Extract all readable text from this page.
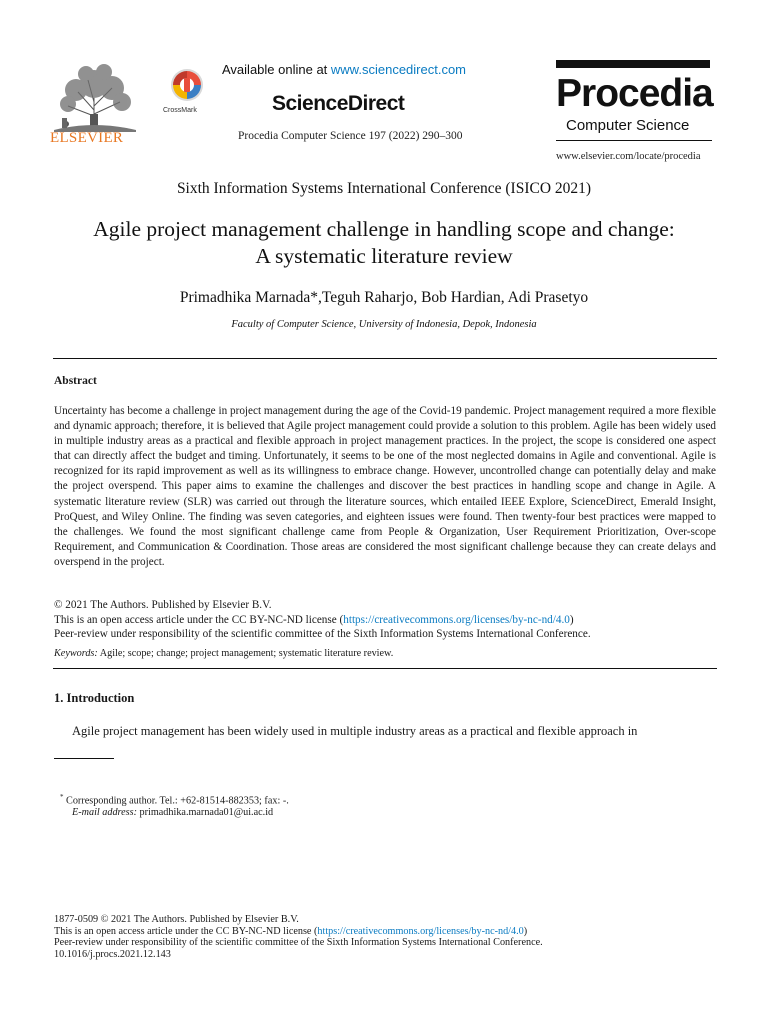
ELSEVIER
CrossMark
Available online at www.sciencedirect.com
ScienceDirect
Procedia Computer Science 197 (2022) 290–300
Procedia
Computer Science
www.elsevier.com/locate/procedia
Sixth Information Systems International Conference (ISICO 2021)
Agile project management challenge in handling scope and change:
A systematic literature review
Primadhika Marnada*,Teguh Raharjo, Bob Hardian, Adi Prasetyo
Faculty of Computer Science, University of Indonesia, Depok, Indonesia
Abstract
Uncertainty has become a challenge in project management during the age of the Covid-19 pandemic. Project management required a more flexible and dynamic approach; therefore, it is believed that Agile project management could provide a solution to this problem. Agile has been widely used in multiple industry areas as a practical and flexible approach in project management practices. In the project, the scope is considered one aspect that can directly affect the budget and timing. Unfortunately, it seems to be one of the most neglected domains in Agile and conventional. Agile is recognized for its rapid improvement as well as its willingness to embrace change. However, uncontrolled change can potentially delay and make the project overspend. This paper aims to examine the challenges and discover the best practices in handling scope and change in Agile. A systematic literature review (SLR) was carried out through the literature sources, which entailed IEEE Explore, ScienceDirect, Emerald Insight, ProQuest, and Wiley Online. The finding was seven categories, and eighteen issues were found. Then twenty-four best practices were mapped to the challenges. We found the most significant challenge came from People & Organization, User Requirement Prioritization, Over-scope Requirement, and Communication & Coordination. Those areas are considered the most significant challenge because they can create delays and overspend in the project.
© 2021 The Authors. Published by Elsevier B.V.
This is an open access article under the CC BY-NC-ND license (https://creativecommons.org/licenses/by-nc-nd/4.0)
Peer-review under responsibility of the scientific committee of the Sixth Information Systems International Conference.
Keywords: Agile; scope; change; project management; systematic literature review.
1. Introduction
Agile project management has been widely used in multiple industry areas as a practical and flexible approach in
* Corresponding author. Tel.: +62-81514-882353; fax: -.
E-mail address: primadhika.marnada01@ui.ac.id
1877-0509 © 2021 The Authors. Published by Elsevier B.V.
This is an open access article under the CC BY-NC-ND license (https://creativecommons.org/licenses/by-nc-nd/4.0)
Peer-review under responsibility of the scientific committee of the Sixth Information Systems International Conference.
10.1016/j.procs.2021.12.143
